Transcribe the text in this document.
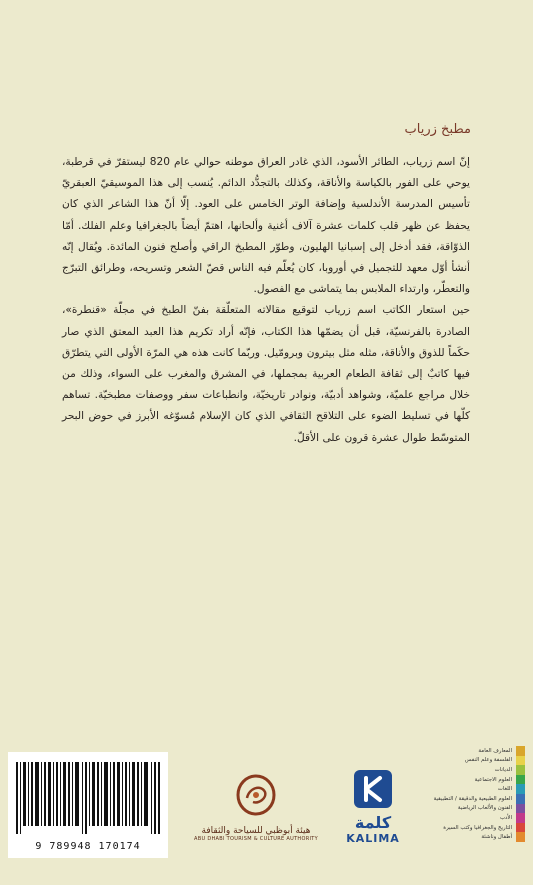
مطبخ زرياب

إنّ اسم زرياب، الطائر الأسود، الذي غادر العراق موطنه حوالي عام 820 ليستقرّ في قرطبة، يوحي على الفور بالكياسة والأناقة، وكذلك بالتجدُّد الدائم. يُنسب إلى هذا الموسيقيّ العبقريّ تأسيس المدرسة الأندلسية وإضافة الوتر الخامس على العود. إلّا أنّ هذا الشاعر الذي كان يحفظ عن ظهر قلب كلمات عشرة آلاف أغنية وألحانها، اهتمّ أيضاً بالجغرافيا وعلم الفلك. أمّا الذوّاقة، فقد أدخل إلى إسبانيا الهليون، وطوّر المطبخ الراقي وأصلح فنون المائدة. ويُقال إنّه أنشأ أوّل معهد للتجميل في أوروبا، كان يُعلّم فيه الناس قصّ الشعر وتسريحه، وطرائق التبرّج والتعطّر، وارتداء الملابس بما يتماشى مع الفصول.

حين استعار الكاتب اسم زرياب لتوقيع مقالاته المتعلّقة بفنّ الطبخ في مجلّة «قنطرة»، الصادرة بالفرنسيّة، قبل أن يضمّها هذا الكتاب، فإنّه أراد تكريم هذا العبد المعتق الذي صار حكَماً للذوق والأناقة، مثله مثل بيترون وبرومّيل. وربّما كانت هذه هي المرّة الأولى التي يتطرّق فيها كاتبٌ إلى ثقافة الطعام العربية بمجملها، في المشرق والمغرب على السواء، وذلك من خلال مراجع علميّة، وشواهد أدبيّة، ونوادر تاريخيّة، وانطباعات سفر ووصفات مطبخيّة. تساهم كلّها في تسليط الضوء على التلاقح الثقافي الذي كان الإسلام مُسوّغه الأبرز في حوض البحر المتوسّط طوال عشرة قرون على الأقلّ.

9 789948 170174
هيئة أبوظبي للسياحة والثقافة
ABU DHABI TOURISM & CULTURE AUTHORITY
كلمة
KALIMA
المعارف العامة
الفلسفة وعلم النفس
الديانات
العلوم الاجتماعية
اللغات
العلوم الطبيعية والدقيقة / التطبيقية
الفنون والألعاب الرياضية
الأدب
التاريخ والجغرافيا وكتب السيرة
أطفال وناشئة
